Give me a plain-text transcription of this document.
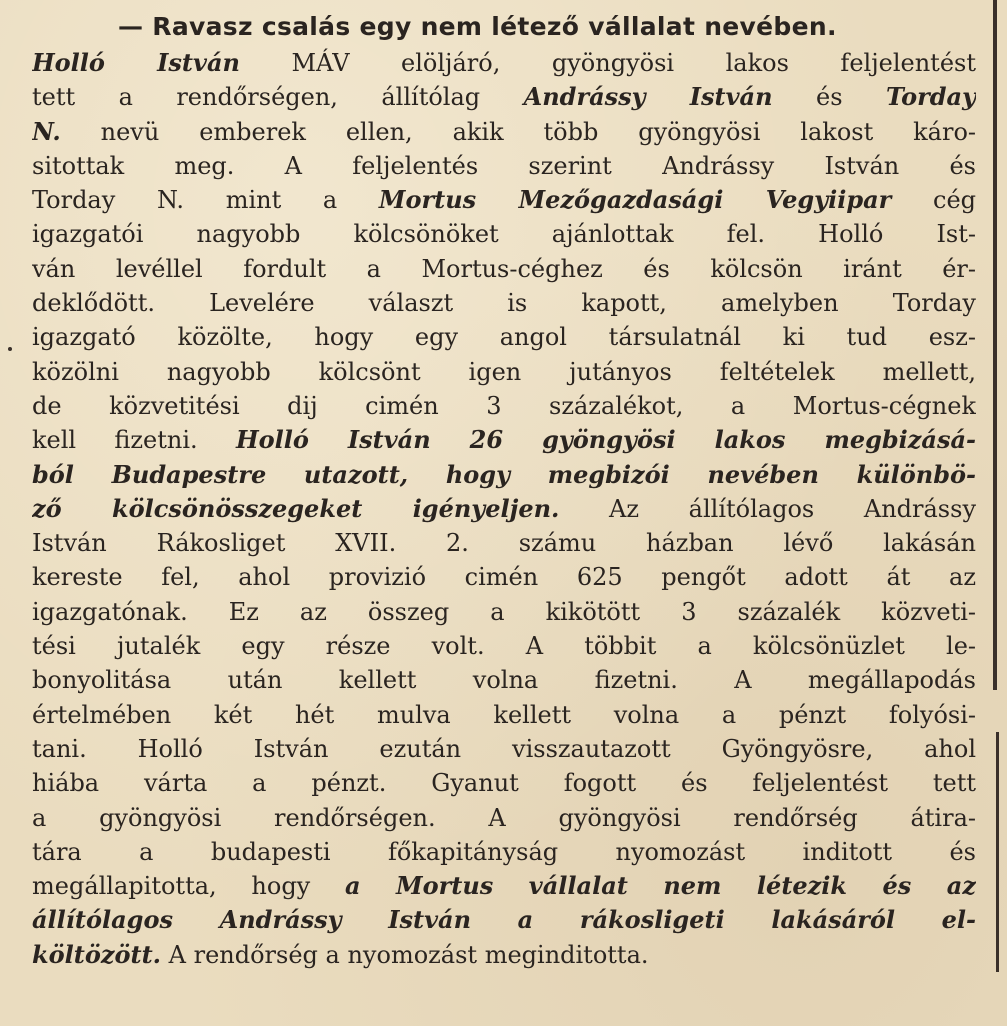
— Ravasz csalás egy nem létező vállalat nevében.
Holló István MÁV elöljáró, gyöngyösi lakos feljelentést
tett a rendőrségen, állítólag Andrássy István és Torday
N. nevü emberek ellen, akik több gyöngyösi lakost káro-
sitottak meg. A feljelentés szerint Andrássy István és
Torday N. mint a Mortus Mezőgazdasági Vegyiipar cég
igazgatói nagyobb kölcsönöket ajánlottak fel. Holló Ist-
ván levéllel fordult a Mortus-céghez és kölcsön iránt ér-
deklődött. Levelére választ is kapott, amelyben Torday
igazgató közölte, hogy egy angol társulatnál ki tud esz-
közölni nagyobb kölcsönt igen jutányos feltételek mellett,
de közvetitési dij cimén 3 százalékot, a Mortus-cégnek
kell fizetni. Holló István 26 gyöngyösi lakos megbizásá-
ból Budapestre utazott, hogy megbizói nevében különbö-
ző kölcsönösszegeket igényeljen. Az állítólagos Andrássy
István Rákosliget XVII. 2. számu házban lévő lakásán
kereste fel, ahol provizió cimén 625 pengőt adott át az
igazgatónak. Ez az összeg a kikötött 3 százalék közveti-
tési jutalék egy része volt. A többit a kölcsönüzlet le-
bonyolitása után kellett volna fizetni. A megállapodás
értelmében két hét mulva kellett volna a pénzt folyósi-
tani. Holló István ezután visszautazott Gyöngyösre, ahol
hiába várta a pénzt. Gyanut fogott és feljelentést tett
a gyöngyösi rendőrségen. A gyöngyösi rendőrség átira-
tára a budapesti főkapitányság nyomozást inditott és
megállapitotta, hogy a Mortus vállalat nem létezik és az
állítólagos Andrássy István a rákosligeti lakásáról el-
költözött. A rendőrség a nyomozást meginditotta.
